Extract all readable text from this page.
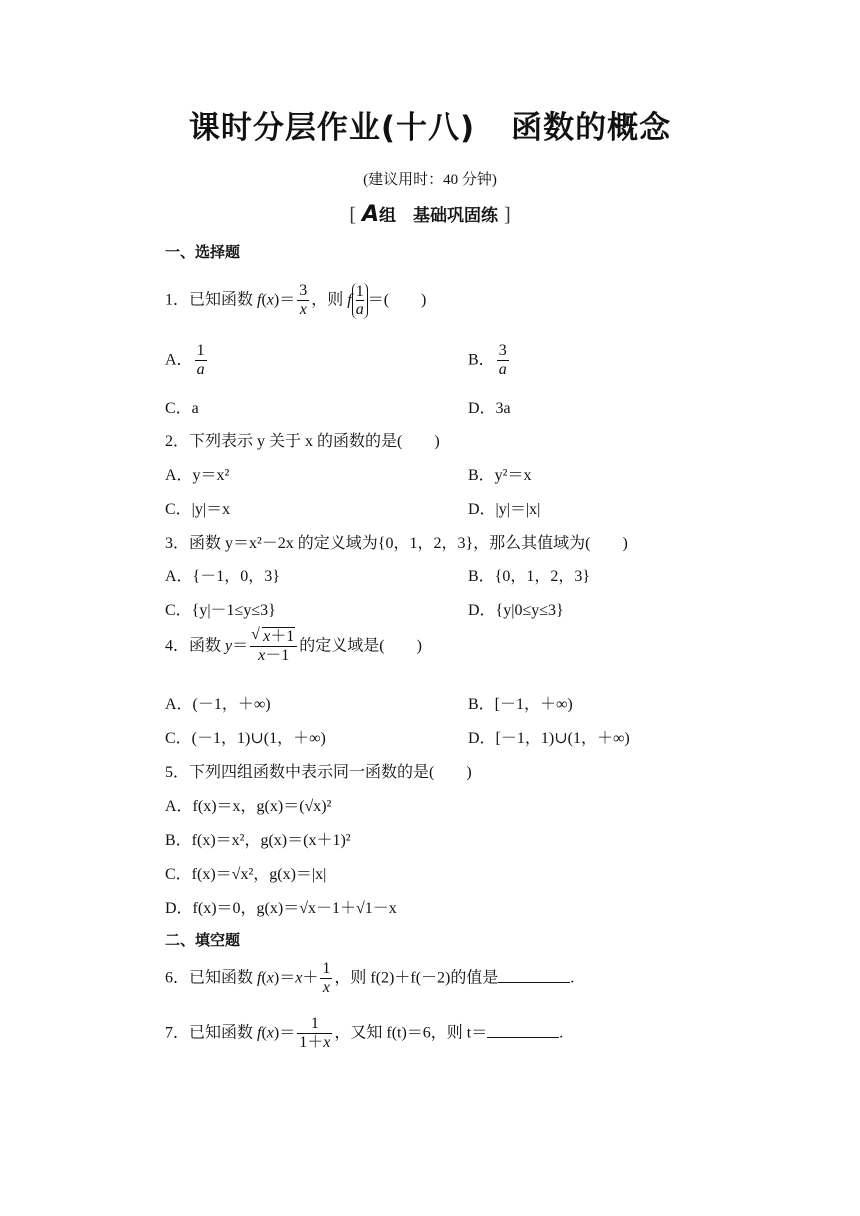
课时分层作业(十八) 函数的概念
(建议用时：40 分钟)
[ A组　基础巩固练 ]
一、选择题
1．已知函数 $f(x)= \frac{3}{x}$ ，则 f $\frac{1}{a}$ ＝(　　)
A． $\frac{1}{a}$	B． $\frac{3}{a}$
C．a	D．3a
2．下列表示 y 关于 x 的函数的是(　　)
A．y＝x²	B．y²＝x
C．|y|＝x	D．|y|＝|x|
3．函数 y＝x²－2x 的定义域为{0，1，2，3}，那么其值域为(　　)
A．{－1，0，3}	B．{0，1，2，3}
C．{y|－1≤y≤3}	D．{y|0≤y≤3}
4．函数 y＝
√ $\frac{x+1}{x-1}$ 的定义域是(　　)
A．(－1，＋∞)	B．[－1，＋∞)
C．(－1，1)∪(1，＋∞)	D．[－1，1)∪(1，＋∞)
5．下列四组函数中表示同一函数的是(　　)
A．f(x)＝x，g(x)＝(√x)²
B．f(x)＝x²，g(x)＝(x＋1)²
C．f(x)＝√x²，g(x)＝|x|
D．f(x)＝0，g(x)＝√x－1＋√1－x
二、填空题
6．已知函数 $f(x)=x+ \frac{1}{x}$ ，则 f(2)＋f(－2)的值是	.
7．已知函数 $f(x)= \frac{1}{1+x}$ ，又知 f(t)＝6，则 t＝	.
